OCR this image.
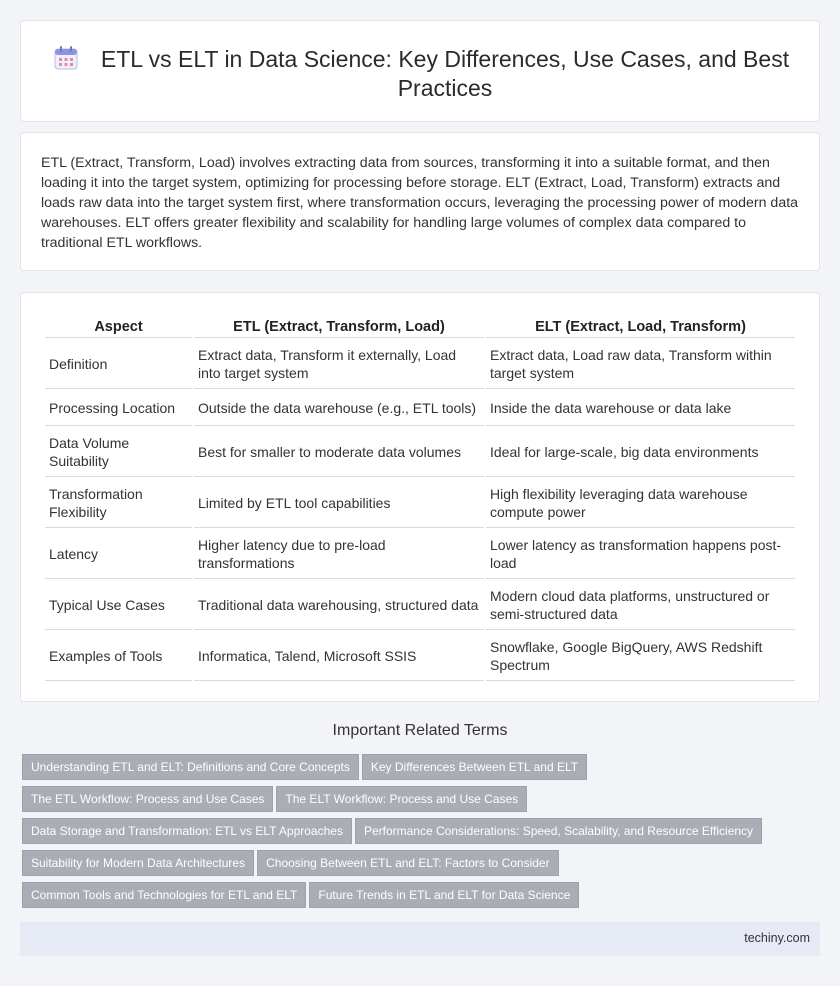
ETL vs ELT in Data Science: Key Differences, Use Cases, and Best Practices

ETL (Extract, Transform, Load) involves extracting data from sources, transforming it into a suitable format, and then loading it into the target system, optimizing for processing before storage. ELT (Extract, Load, Transform) extracts and loads raw data into the target system first, where transformation occurs, leveraging the processing power of modern data warehouses. ELT offers greater flexibility and scalability for handling large volumes of complex data compared to traditional ETL workflows.

Aspect	ETL (Extract, Transform, Load)	ELT (Extract, Load, Transform)
Definition	Extract data, Transform it externally, Load into target system	Extract data, Load raw data, Transform within target system
Processing Location	Outside the data warehouse (e.g., ETL tools)	Inside the data warehouse or data lake
Data Volume Suitability	Best for smaller to moderate data volumes	Ideal for large-scale, big data environments
Transformation Flexibility	Limited by ETL tool capabilities	High flexibility leveraging data warehouse compute power
Latency	Higher latency due to pre-load transformations	Lower latency as transformation happens post-load
Typical Use Cases	Traditional data warehousing, structured data	Modern cloud data platforms, unstructured or semi-structured data
Examples of Tools	Informatica, Talend, Microsoft SSIS	Snowflake, Google BigQuery, AWS Redshift Spectrum
Important Related Terms
Understanding ETL and ELT: Definitions and Core Concepts Key Differences Between ETL and ELT
The ETL Workflow: Process and Use Cases The ELT Workflow: Process and Use Cases
Data Storage and Transformation: ETL vs ELT Approaches Performance Considerations: Speed, Scalability, and Resource Efficiency
Suitability for Modern Data Architectures Choosing Between ETL and ELT: Factors to Consider
Common Tools and Technologies for ETL and ELT Future Trends in ETL and ELT for Data Science
techiny.com
